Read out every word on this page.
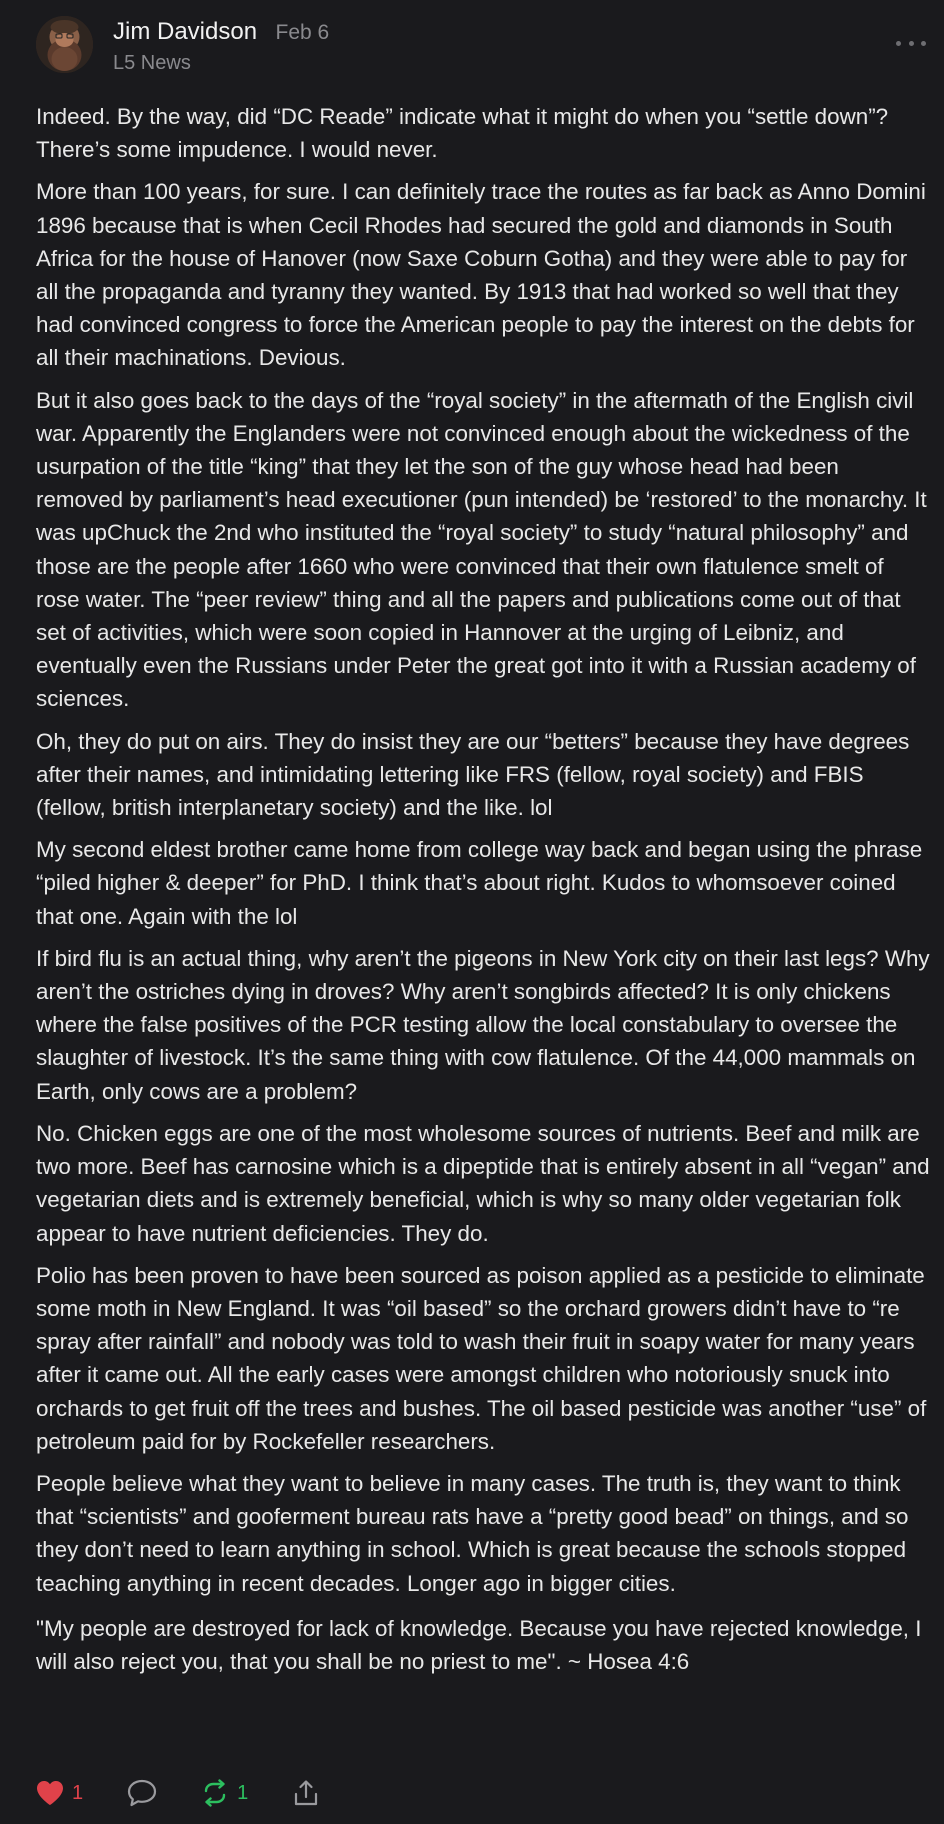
Jim Davidson Feb 6
L5 News

Indeed. By the way, did “DC Reade” indicate what it might do when you “settle down”? There’s some impudence. I would never.

More than 100 years, for sure. I can definitely trace the routes as far back as Anno Domini 1896 because that is when Cecil Rhodes had secured the gold and diamonds in South Africa for the house of Hanover (now Saxe Coburn Gotha) and they were able to pay for all the propaganda and tyranny they wanted. By 1913 that had worked so well that they had convinced congress to force the American people to pay the interest on the debts for all their machinations. Devious.

But it also goes back to the days of the “royal society” in the aftermath of the English civil war. Apparently the Englanders were not convinced enough about the wickedness of the usurpation of the title “king” that they let the son of the guy whose head had been removed by parliament’s head executioner (pun intended) be ‘restored’ to the monarchy. It was upChuck the 2nd who instituted the “royal society” to study “natural philosophy” and those are the people after 1660 who were convinced that their own flatulence smelt of rose water. The “peer review” thing and all the papers and publications come out of that set of activities, which were soon copied in Hannover at the urging of Leibniz, and eventually even the Russians under Peter the great got into it with a Russian academy of sciences.

Oh, they do put on airs. They do insist they are our “betters” because they have degrees after their names, and intimidating lettering like FRS (fellow, royal society) and FBIS (fellow, british interplanetary society) and the like. lol

My second eldest brother came home from college way back and began using the phrase “piled higher & deeper” for PhD. I think that’s about right. Kudos to whomsoever coined that one. Again with the lol

If bird flu is an actual thing, why aren’t the pigeons in New York city on their last legs? Why aren’t the ostriches dying in droves? Why aren’t songbirds affected? It is only chickens where the false positives of the PCR testing allow the local constabulary to oversee the slaughter of livestock. It’s the same thing with cow flatulence. Of the 44,000 mammals on Earth, only cows are a problem?

No. Chicken eggs are one of the most wholesome sources of nutrients. Beef and milk are two more. Beef has carnosine which is a dipeptide that is entirely absent in all “vegan” and vegetarian diets and is extremely beneficial, which is why so many older vegetarian folk appear to have nutrient deficiencies. They do.

Polio has been proven to have been sourced as poison applied as a pesticide to eliminate some moth in New England. It was “oil based” so the orchard growers didn’t have to “re spray after rainfall” and nobody was told to wash their fruit in soapy water for many years after it came out. All the early cases were amongst children who notoriously snuck into orchards to get fruit off the trees and bushes. The oil based pesticide was another “use” of petroleum paid for by Rockefeller researchers.

People believe what they want to believe in many cases. The truth is, they want to think that “scientists” and gooferment bureau rats have a “pretty good bead” on things, and so they don’t need to learn anything in school. Which is great because the schools stopped teaching anything in recent decades. Longer ago in bigger cities.

"My people are destroyed for lack of knowledge. Because you have rejected knowledge, I will also reject you, that you shall be no priest to me". ~ Hosea 4:6

1	1
